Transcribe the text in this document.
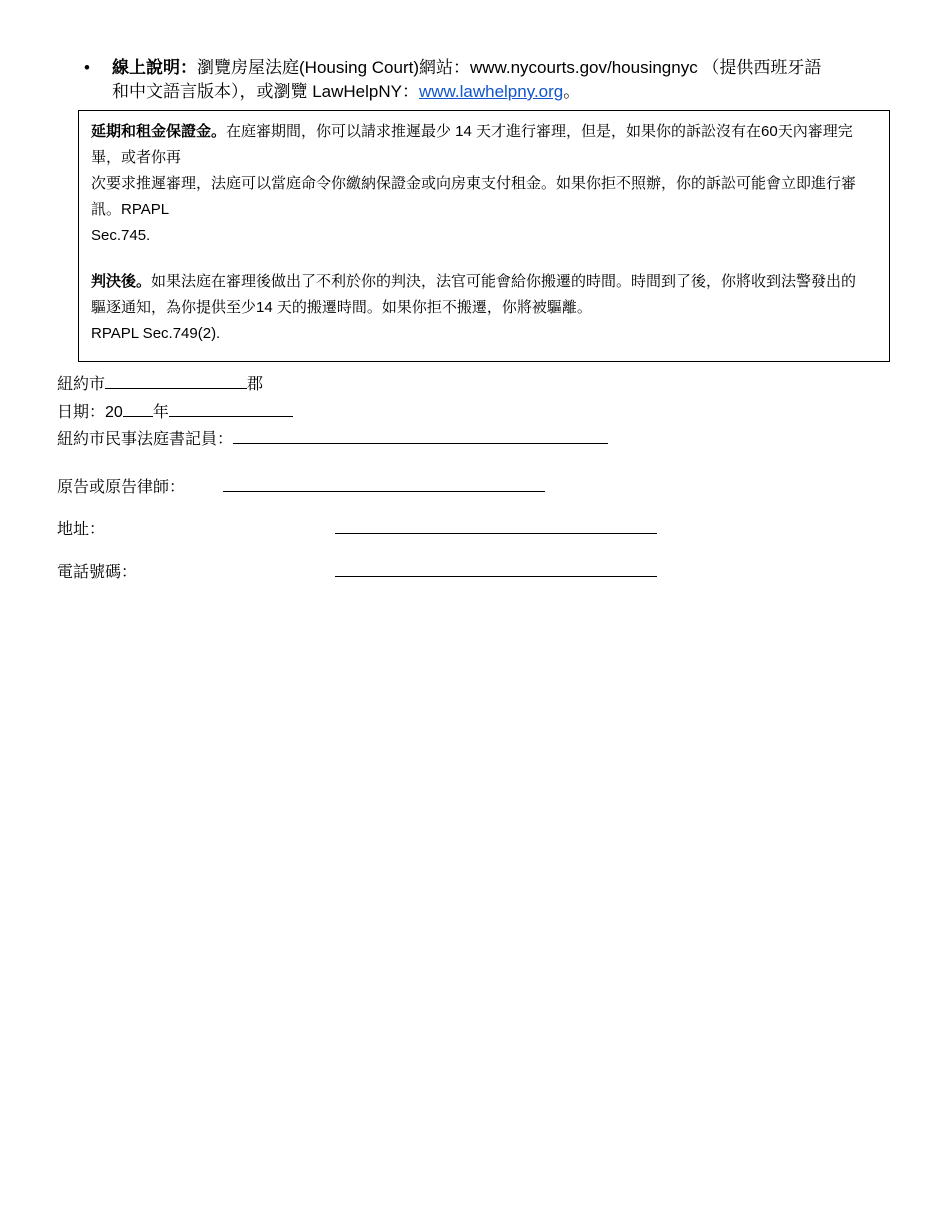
• 線上說明：瀏覽房屋法庭(Housing Court)網站：www.nycourts.gov/housingnyc （提供西班牙語
和中文語言版本），或瀏覽 LawHelpNY：www.lawhelpny.org。
延期和租金保證金。在庭審期間，你可以請求推遲最少 14 天才進行審理，但是，如果你的訴訟沒有在60天內審理完畢，或者你再
次要求推遲審理，法庭可以當庭命令你繳納保證金或向房東支付租金。如果你拒不照辦，你的訴訟可能會立即進行審訊。RPAPL
Sec.745.
判決後。如果法庭在審理後做出了不利於你的判決，法官可能會給你搬遷的時間。時間到了後，你將收到法警發出的
驅逐通知，為你提供至少14 天的搬遷時間。如果你拒不搬遷，你將被驅離。
RPAPL Sec.749(2).
紐約市	郡
日期：20 年
紐約市民事法庭書記員：
原告或原告律師：
地址：
電話號碼：
